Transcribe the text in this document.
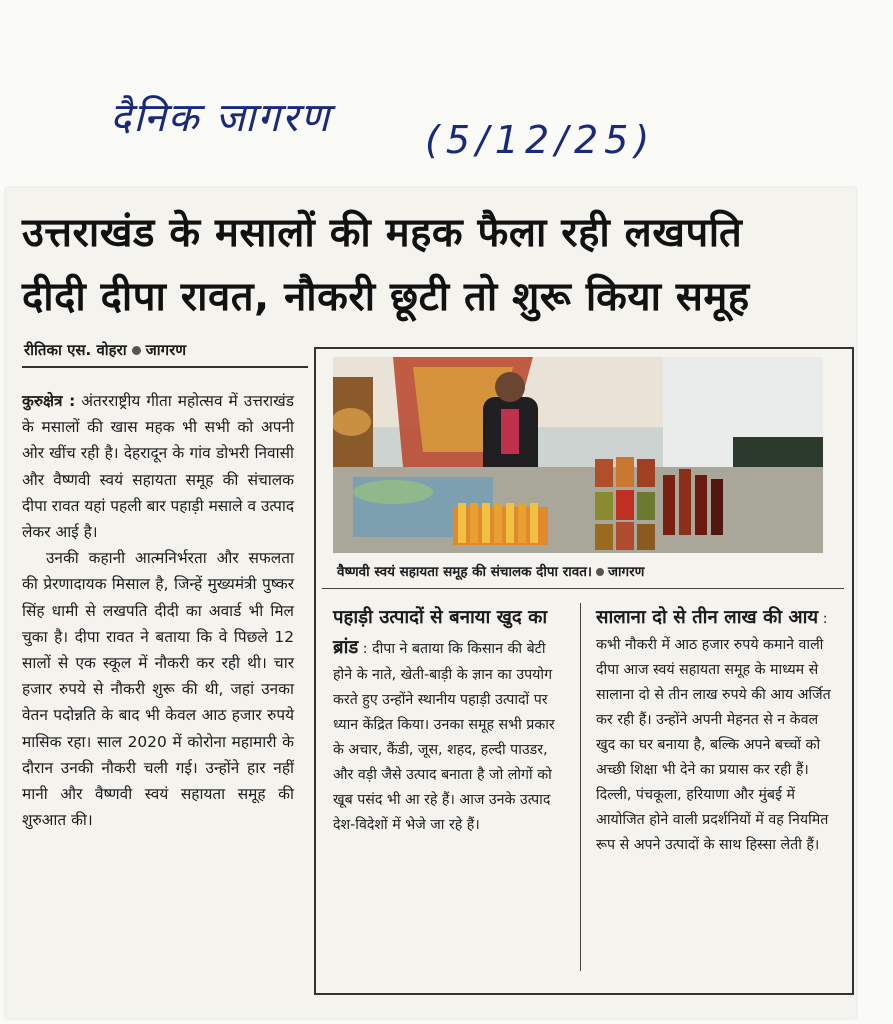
दैनिक जागरण (5/12/25)
उत्तराखंड के मसालों की महक फैला रही लखपति
दीदी दीपा रावत, नौकरी छूटी तो शुरू किया समूह
रीतिका एस. वोहरा जागरण

कुरुक्षेत्र : अंतरराष्ट्रीय गीता महोत्सव में उत्तराखंड के मसालों की खास महक भी सभी को अपनी ओर खींच रही है। देहरादून के गांव डोभरी निवासी और वैष्णवी स्वयं सहायता समूह की संचालक दीपा रावत यहां पहली बार पहाड़ी मसाले व उत्पाद लेकर आई है।

उनकी कहानी आत्मनिर्भरता और सफलता की प्रेरणादायक मिसाल है, जिन्हें मुख्यमंत्री पुष्कर सिंह धामी से लखपति दीदी का अवार्ड भी मिल चुका है। दीपा रावत ने बताया कि वे पिछले 12 सालों से एक स्कूल में नौकरी कर रही थी। चार हजार रुपये से नौकरी शुरू की थी, जहां उनका वेतन पदोन्नति के बाद भी केवल आठ हजार रुपये मासिक रहा। साल 2020 में कोरोना महामारी के दौरान उनकी नौकरी चली गई। उन्होंने हार नहीं मानी और वैष्णवी स्वयं सहायता समूह की शुरुआत की।

वैष्णवी स्वयं सहायता समूह की संचालक दीपा रावत। जागरण
पहाड़ी उत्पादों से बनाया खुद का ब्रांड : दीपा ने बताया कि किसान की बेटी होने के नाते, खेती-बाड़ी के ज्ञान का उपयोग करते हुए उन्होंने स्थानीय पहाड़ी उत्पादों पर ध्यान केंद्रित किया। उनका समूह सभी प्रकार के अचार, कैंडी, जूस, शहद, हल्दी पाउडर, और वड़ी जैसे उत्पाद बनाता है जो लोगों को खूब पसंद भी आ रहे हैं। आज उनके उत्पाद देश-विदेशों में भेजे जा रहे हैं।
सालाना दो से तीन लाख की आय : कभी नौकरी में आठ हजार रुपये कमाने वाली दीपा आज स्वयं सहायता समूह के माध्यम से सालाना दो से तीन लाख रुपये की आय अर्जित कर रही हैं। उन्होंने अपनी मेहनत से न केवल खुद का घर बनाया है, बल्कि अपने बच्चों को अच्छी शिक्षा भी देने का प्रयास कर रही हैं। दिल्ली, पंचकूला, हरियाणा और मुंबई में आयोजित होने वाली प्रदर्शनियों में वह नियमित रूप से अपने उत्पादों के साथ हिस्सा लेती हैं।
